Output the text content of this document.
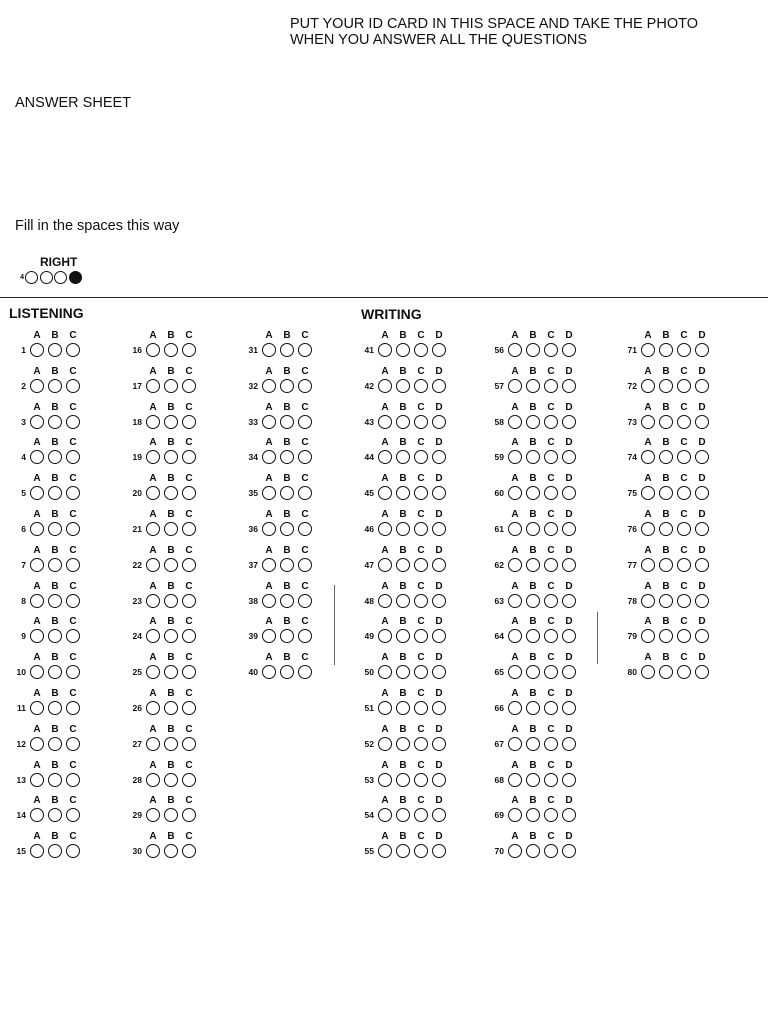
PUT YOUR ID CARD IN THIS SPACE AND TAKE THE PHOTO
WHEN YOU ANSWER ALL THE QUESTIONS
ANSWER SHEET
Fill in the spaces this way
RIGHT
4
LISTENING	WRITING
A B C
1
A B C
2
A B C
3
A B C
4
A B C
5
A B C
6
A B C
7
A B C
8
A B C
9
A B C
10
A B C
11
A B C
12
A B C
13
A B C
14
A B C
15
A B C
16
A B C
17
A B C
18
A B C
19
A B C
20
A B C
21
A B C
22
A B C
23
A B C
24
A B C
25
A B C
26
A B C
27
A B C
28
A B C
29
A B C
30
A B C
31
A B C
32
A B C
33
A B C
34
A B C
35
A B C
36
A B C
37
A B C
38
A B C
39
A B C
40
A B C D
41
A B C D
42
A B C D
43
A B C D
44
A B C D
45
A B C D
46
A B C D
47
A B C D
48
A B C D
49
A B C D
50
A B C D
51
A B C D
52
A B C D
53
A B C D
54
A B C D
55
A B C D
56
A B C D
57
A B C D
58
A B C D
59
A B C D
60
A B C D
61
A B C D
62
A B C D
63
A B C D
64
A B C D
65
A B C D
66
A B C D
67
A B C D
68
A B C D
69
A B C D
70
A B C D
71
A B C D
72
A B C D
73
A B C D
74
A B C D
75
A B C D
76
A B C D
77
A B C D
78
A B C D
79
A B C D
80
